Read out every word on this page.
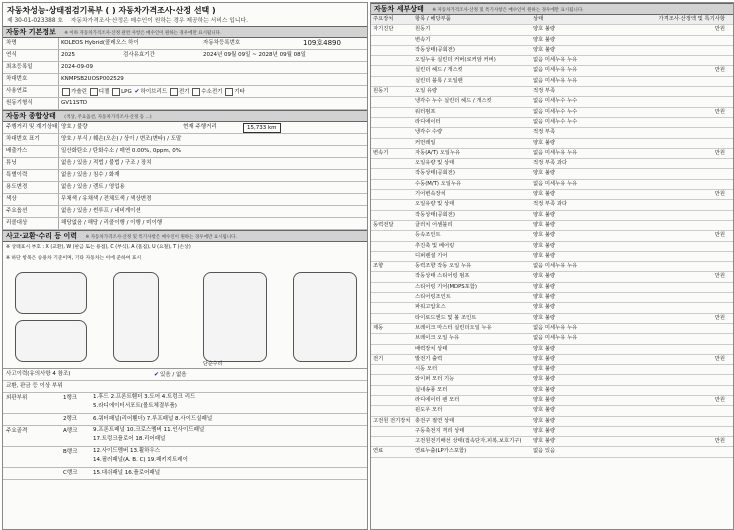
자동차성능·상태점검기록부 ( ) 자동차가격조사·산정 선택 )
제 30-01-023388 호 자동차가격조사·산정은 매수인이 원하는 경우 제공하는 서비스 입니다.
자동차 기본정보 ※ 이하 자동차가격조사·산정 관련 사항은 매수인이 원하는 경우에만 표시됩니다.
차명	KOLEOS Hybrid(콜레오스 하이	자동차등록번호	109호4890
연식	2025	검사유효기간	2024년 09월 09일 ~ 2028년 09월 08일
최초등록일	2024-09-09
차대번호	KNMPSB2UOSP002529
사용연료	가솔린 디젤 LPG ✔하이브리드 전기 수소전기 기타
원동기형식	GV11STD
자동차 종합상태 (색상, 주요옵션, 자동차가격조사·산정 등 ...)
주행거리 및 계기상태 양호 / 불량	현재 주행거리	15,733 km
차대번호 표기	양호 / 부식 / 훼손(오손) / 상이 / 변조(변타) / 도말
배출가스	일산화탄소 / 탄화수소 / 매연 0.00%, 0ppm, 0%
튜닝	없음 / 있음 / 적법 / 불법 / 구조 / 장치
특별이력	없음 / 있음 / 침수 / 화재
용도변경	없음 / 있음 / 렌트 / 영업용
색상	무채색 / 유채색 / 전체도색 / 색상변경
주요옵션	없음 / 있음 / 썬루프 / 네비게이션
리콜대상	해당없음 / 해당 / 리콜이행 / 이행 / 미이행
사고·교환·수리 등 이력 ※ 자동차가격조사·산정 및 특기사항은 매수인이 원하는 경우에만 표시됩니다.
※ 상태표시 부호 : X (교환), W (판금 또는 용접), C (부식), A (흠집), U (요철), T (손상)
※ 하단 항목은 승용차 기준이며, 기타 자동차는 이에 준하여 표시
단순수리
사고이력(유의사항 4 참조)	✔있음 / 없음
교환, 판금 등 이상 부위
외판부위	1랭크	1.후드 2.프론트휀더 3.도어 4.트렁크 리드
5.라디에이터서포트(볼트체결부품)
2랭크	6.쿼터패널(리어휀더) 7.루프패널 8.사이드실패널
주요골격	A랭크	9.프론트패널 10.크로스멤버 11.인사이드패널
17.트렁크플로어 18.리어패널
B랭크	12.사이드멤버 13.휠하우스
14.필러패널(A. B. C) 19.패키지트레이
C랭크	15.대쉬패널 16.플로어패널
자동차 세부상태 ※ 자동차가격조사·산정 및 특기사항은 매수인이 원하는 경우에만 표시됩니다.
주요장치	항목 / 해당부품	상태	가격조사·산정액 및 특기사항
자기진단	원동기	양호 불량	만원
변속기	양호 불량
작동상태(공회전)	양호 불량
오일누유 실린더 커버(로커암 커버)	없음 미세누유 누유
실린더 헤드 / 개스킷	없음 미세누유 누유	만원
실린더 블록 / 오일팬	없음 미세누유 누유
원동기	오일 유량	적정 부족
냉각수 누수 실린더 헤드 / 개스킷	없음 미세누수 누수
워터펌프	없음 미세누수 누수	만원
라디에이터	없음 미세누수 누수
냉각수 수량	적정 부족
커먼레일	양호 불량
변속기	자동(A/T) 오일누유	없음 미세누유 누유	만원
오일유량 및 상태	적정 부족 과다
작동상태(공회전)	양호 불량
수동(M/T) 오일누유	없음 미세누유 누유
기어변속장치	양호 불량	만원
오일유량 및 상태	적정 부족 과다
작동상태(공회전)	양호 불량
동력전달	클러치 어셈블리	양호 불량
등속조인트	양호 불량	만원
추진축 및 베어링	양호 불량
디퍼렌셜 기어	양호 불량
조향	동력조향 작동 오일 누유	없음 미세누유 누유
작동상태 스티어링 펌프	양호 불량	만원
스티어링 기어(MDPS포함)	양호 불량
스티어링조인트	양호 불량
파워고압호스	양호 불량
타이로드엔드 및 볼 조인트	양호 불량	만원
제동	브레이크 마스터 실린더오일 누유	없음 미세누유 누유
브레이크 오일 누유	없음 미세누유 누유
배력장치 상태	양호 불량
전기	발전기 출력	양호 불량	만원
시동 모터	양호 불량
와이퍼 모터 기능	양호 불량
실내송풍 모터	양호 불량
라디에이터 팬 모터	양호 불량	만원
윈도우 모터	양호 불량
고전원 전기장치 충전구 절연 상태	양호 불량
구동축전지 격리 상태	양호 불량
고전원전기배선 상태(접속단자,피복,보호기구)	양호 불량	만원
연료	연료누출(LP가스포함)	없음 있음
